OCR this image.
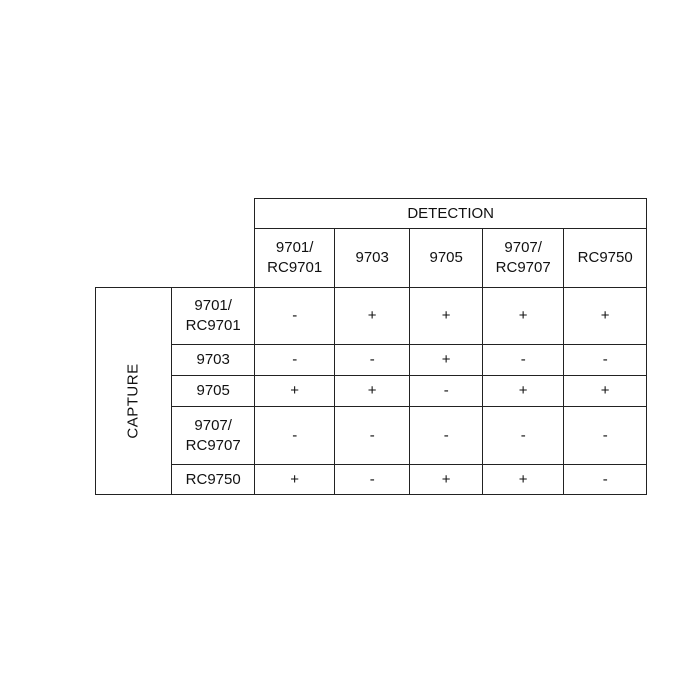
		DETECTION				
		9701/
RC9701	9703	9705	9707/
RC9707	RC9750

CAPTURE	9701/
RC9701	-	+	+	+	+
	9703	-	-	+	-	-
	9705	+	+	-	+	+
	9707/
RC9707	-	-	-	-	-
	RC9750	+	-	+	+	-
